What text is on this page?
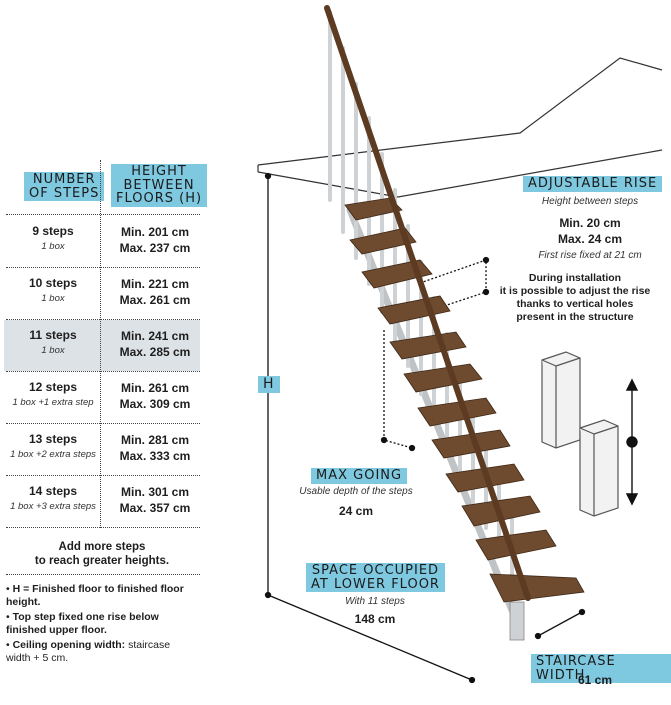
NUMBER
OF STEPS
HEIGHT
BETWEEN
FLOORS (H)
9 steps
1 box
Min. 201 cm
Max. 237 cm
10 steps
1 box
Min. 221 cm
Max. 261 cm
11 steps
1 box
Min. 241 cm
Max. 285 cm
12 steps
1 box +1 extra step
Min. 261 cm
Max. 309 cm
13 steps
1 box +2 extra steps
Min. 281 cm
Max. 333 cm
14 steps
1 box +3 extra steps
Min. 301 cm
Max. 357 cm
Add more steps
to reach greater heights.
• H = Finished floor to finished floor height.
• Top step fixed one rise below finished upper floor.
• Ceiling opening width: staircase width + 5 cm.
H
ADJUSTABLE RISE
Height between steps
Min. 20 cm
Max. 24 cm
First rise fixed at 21 cm
During installation
it is possible to adjust the rise
thanks to vertical holes
present in the structure
MAX GOING
Usable depth of the steps
24 cm
SPACE OCCUPIED
AT LOWER FLOOR
With 11 steps
148 cm
STAIRCASE WIDTH
61 cm
